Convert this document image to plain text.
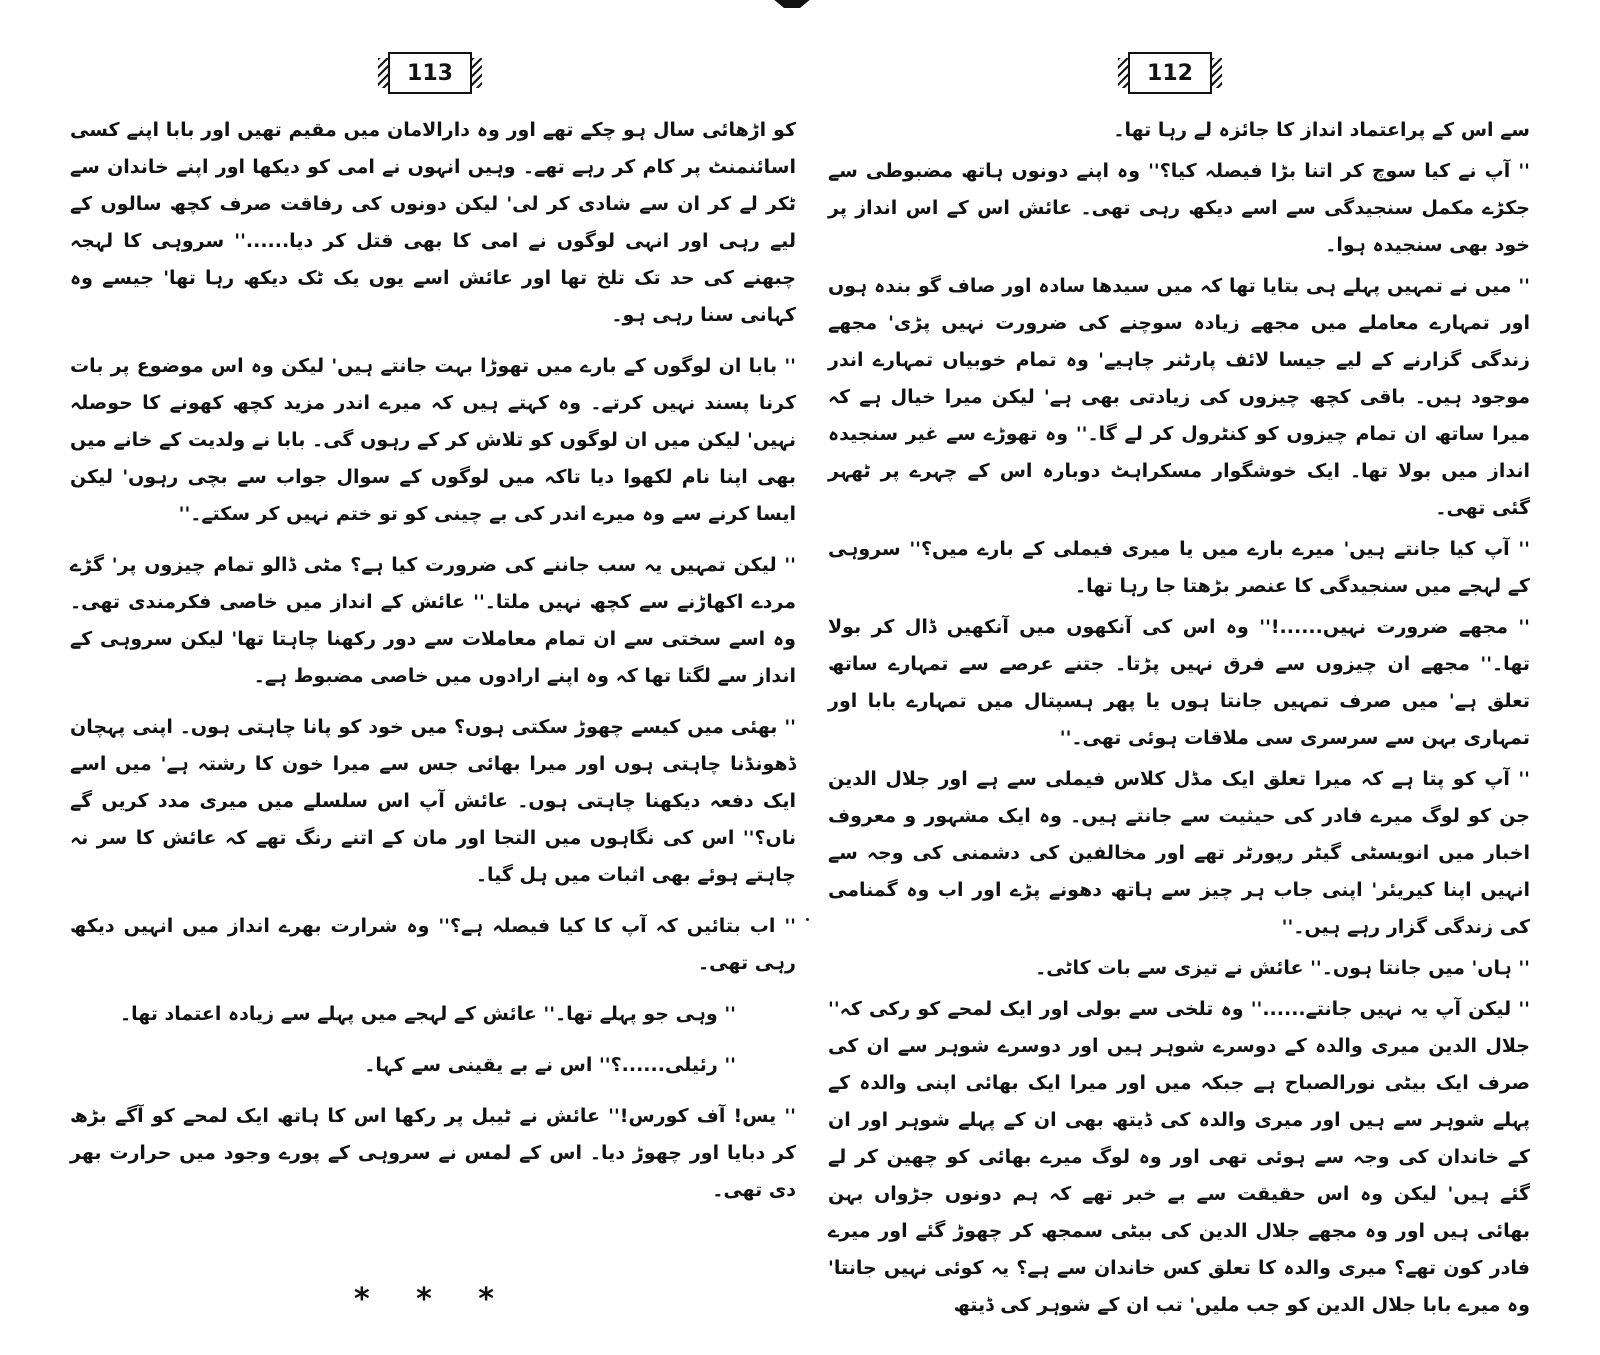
113

کو اڑھائی سال ہو چکے تھے اور وہ دارالامان میں مقیم تھیں اور بابا اپنے کسی اسائنمنٹ پر کام کر رہے تھے۔ وہیں انہوں نے امی کو دیکھا اور اپنے خاندان سے ٹکر لے کر ان سے شادی کر لی' لیکن دونوں کی رفاقت صرف کچھ سالوں کے لیے رہی اور انہی لوگوں نے امی کا بھی قتل کر دیا......'' سروہی کا لہجہ چبھنے کی حد تک تلخ تھا اور عائش اسے یوں یک ٹک دیکھ رہا تھا' جیسے وہ کہانی سنا رہی ہو۔

'' بابا ان لوگوں کے بارے میں تھوڑا بہت جانتے ہیں' لیکن وہ اس موضوع پر بات کرنا پسند نہیں کرتے۔ وہ کہتے ہیں کہ میرے اندر مزید کچھ کھونے کا حوصلہ نہیں' لیکن میں ان لوگوں کو تلاش کر کے رہوں گی۔ بابا نے ولدیت کے خانے میں بھی اپنا نام لکھوا دیا تاکہ میں لوگوں کے سوال جواب سے بچی رہوں' لیکن ایسا کرنے سے وہ میرے اندر کی بے چینی کو تو ختم نہیں کر سکتے۔''

'' لیکن تمہیں یہ سب جاننے کی ضرورت کیا ہے؟ مٹی ڈالو تمام چیزوں پر' گڑے مردے اکھاڑنے سے کچھ نہیں ملتا۔'' عائش کے انداز میں خاصی فکرمندی تھی۔ وہ اسے سختی سے ان تمام معاملات سے دور رکھنا چاہتا تھا' لیکن سروہی کے انداز سے لگتا تھا کہ وہ اپنے ارادوں میں خاصی مضبوط ہے۔

'' بھئی میں کیسے چھوڑ سکتی ہوں؟ میں خود کو پانا چاہتی ہوں۔ اپنی پہچان ڈھونڈنا چاہتی ہوں اور میرا بھائی جس سے میرا خون کا رشتہ ہے' میں اسے ایک دفعہ دیکھنا چاہتی ہوں۔ عائش آپ اس سلسلے میں میری مدد کریں گے ناں؟'' اس کی نگاہوں میں التجا اور مان کے اتنے رنگ تھے کہ عائش کا سر نہ چاہتے ہوئے بھی اثبات میں ہل گیا۔

'' اب بتائیں کہ آپ کا کیا فیصلہ ہے؟'' وہ شرارت بھرے انداز میں انہیں دیکھ رہی تھی۔

'' وہی جو پہلے تھا۔'' عائش کے لہجے میں پہلے سے زیادہ اعتماد تھا۔

'' رئیلی......؟'' اس نے بے یقینی سے کہا۔

'' یس! آف کورس!'' عائش نے ٹیبل پر رکھا اس کا ہاتھ ایک لمحے کو آگے بڑھ کر دبایا اور چھوڑ دیا۔ اس کے لمس نے سروہی کے پورے وجود میں حرارت بھر دی تھی۔

* * *
112

سے اس کے پراعتماد انداز کا جائزہ لے رہا تھا۔

'' آپ نے کیا سوچ کر اتنا بڑا فیصلہ کیا؟'' وہ اپنے دونوں ہاتھ مضبوطی سے جکڑے مکمل سنجیدگی سے اسے دیکھ رہی تھی۔ عائش اس کے اس انداز پر خود بھی سنجیدہ ہوا۔

'' میں نے تمہیں پہلے ہی بتایا تھا کہ میں سیدھا سادہ اور صاف گو بندہ ہوں اور تمہارے معاملے میں مجھے زیادہ سوچنے کی ضرورت نہیں پڑی' مجھے زندگی گزارنے کے لیے جیسا لائف پارٹنر چاہیے' وہ تمام خوبیاں تمہارے اندر موجود ہیں۔ باقی کچھ چیزوں کی زیادتی بھی ہے' لیکن میرا خیال ہے کہ میرا ساتھ ان تمام چیزوں کو کنٹرول کر لے گا۔'' وہ تھوڑے سے غیر سنجیدہ انداز میں بولا تھا۔ ایک خوشگوار مسکراہٹ دوبارہ اس کے چہرے پر ٹھہر گئی تھی۔

'' آپ کیا جانتے ہیں' میرے بارے میں یا میری فیملی کے بارے میں؟'' سروہی کے لہجے میں سنجیدگی کا عنصر بڑھتا جا رہا تھا۔

'' مجھے ضرورت نہیں......!'' وہ اس کی آنکھوں میں آنکھیں ڈال کر بولا تھا۔'' مجھے ان چیزوں سے فرق نہیں پڑتا۔ جتنے عرصے سے تمہارے ساتھ تعلق ہے' میں صرف تمہیں جانتا ہوں یا پھر ہسپتال میں تمہارے بابا اور تمہاری بہن سے سرسری سی ملاقات ہوئی تھی۔''

'' آپ کو پتا ہے کہ میرا تعلق ایک مڈل کلاس فیملی سے ہے اور جلال الدین جن کو لوگ میرے فادر کی حیثیت سے جانتے ہیں۔ وہ ایک مشہور و معروف اخبار میں انویسٹی گیٹر رپورٹر تھے اور مخالفین کی دشمنی کی وجہ سے انہیں اپنا کیریئر' اپنی جاب ہر چیز سے ہاتھ دھونے پڑے اور اب وہ گمنامی کی زندگی گزار رہے ہیں۔''

'' ہاں' میں جانتا ہوں۔'' عائش نے تیزی سے بات کاٹی۔

'' لیکن آپ یہ نہیں جانتے......'' وہ تلخی سے بولی اور ایک لمحے کو رکی کہ'' جلال الدین میری والدہ کے دوسرے شوہر ہیں اور دوسرے شوہر سے ان کی صرف ایک بیٹی نورالصباح ہے جبکہ میں اور میرا ایک بھائی اپنی والدہ کے پہلے شوہر سے ہیں اور میری والدہ کی ڈیتھ بھی ان کے پہلے شوہر اور ان کے خاندان کی وجہ سے ہوئی تھی اور وہ لوگ میرے بھائی کو چھین کر لے گئے ہیں' لیکن وہ اس حقیقت سے بے خبر تھے کہ ہم دونوں جڑواں بہن بھائی ہیں اور وہ مجھے جلال الدین کی بیٹی سمجھ کر چھوڑ گئے اور میرے فادر کون تھے؟ میری والدہ کا تعلق کس خاندان سے ہے؟ یہ کوئی نہیں جانتا' وہ میرے بابا جلال الدین کو جب ملیں' تب ان کے شوہر کی ڈیتھ
